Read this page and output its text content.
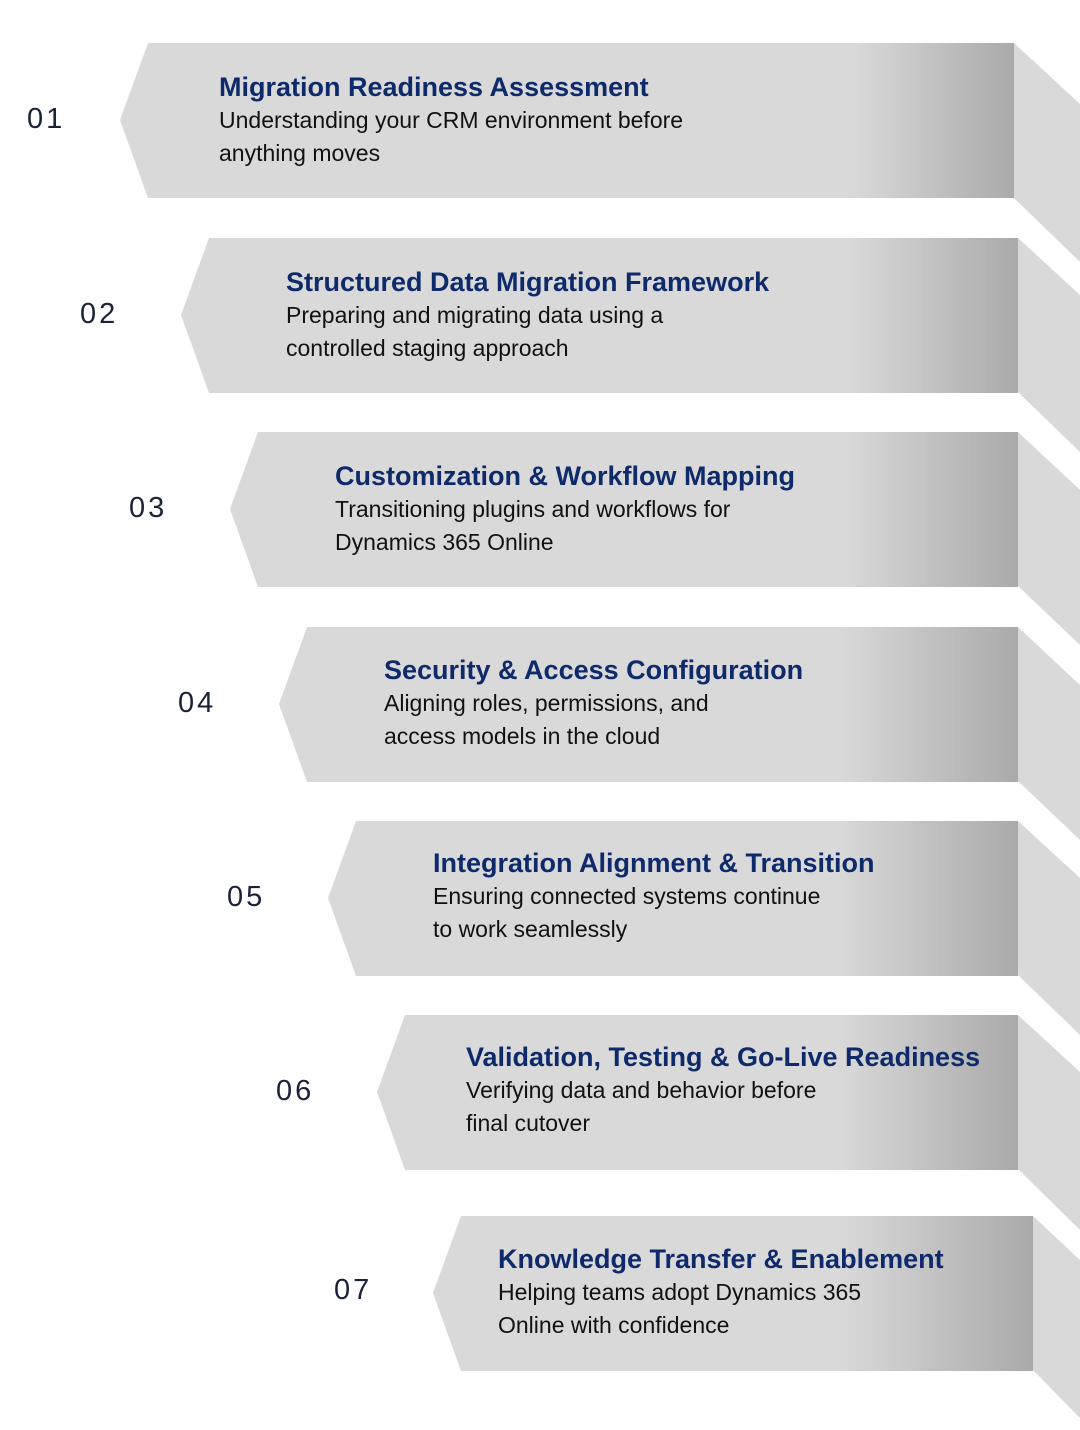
01
Migration Readiness Assessment
Understanding your CRM environment before
anything moves
02
Structured Data Migration Framework
Preparing and migrating data using a
controlled staging approach
03
Customization & Workflow Mapping
Transitioning plugins and workflows for
Dynamics 365 Online
04
Security & Access Configuration
Aligning roles, permissions, and
access models in the cloud
05
Integration Alignment & Transition
Ensuring connected systems continue
to work seamlessly
06
Validation, Testing & Go-Live Readiness
Verifying data and behavior before
final cutover
07
Knowledge Transfer & Enablement
Helping teams adopt Dynamics 365
Online with confidence
